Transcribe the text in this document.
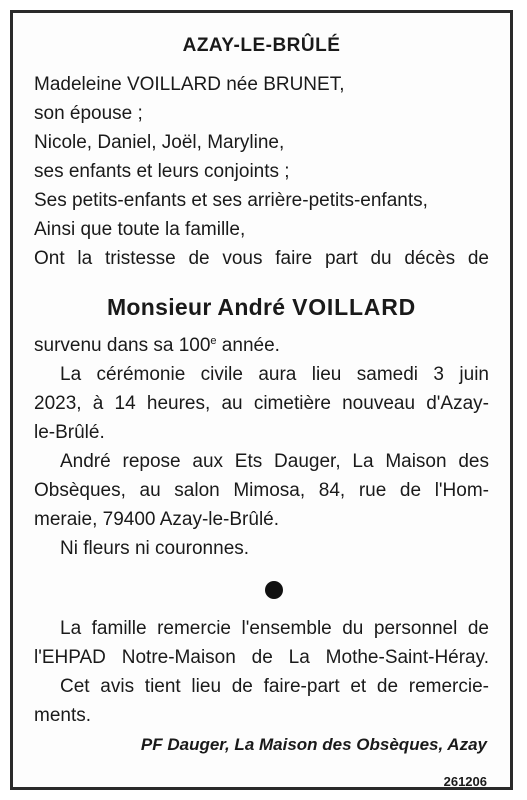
AZAY-LE-BRÛLÉ
Madeleine VOILLARD née BRUNET,
son épouse ;
Nicole, Daniel, Joël, Maryline,
ses enfants et leurs conjoints ;
Ses petits-enfants et ses arrière-petits-enfants,
Ainsi que toute la famille,
Ont la tristesse de vous faire part du décès de
Monsieur André VOILLARD
survenu dans sa 100e année.
La cérémonie civile aura lieu samedi 3 juin
2023, à 14 heures, au cimetière nouveau d'Azay-
le-Brûlé.
André repose aux Ets Dauger, La Maison des
Obsèques, au salon Mimosa, 84, rue de l'Hom-
meraie, 79400 Azay-le-Brûlé.
Ni fleurs ni couronnes.
La famille remercie l'ensemble du personnel de
l'EHPAD Notre-Maison de La Mothe-Saint-Héray.
Cet avis tient lieu de faire-part et de remercie-
ments.
PF Dauger, La Maison des Obsèques, Azay
261206
